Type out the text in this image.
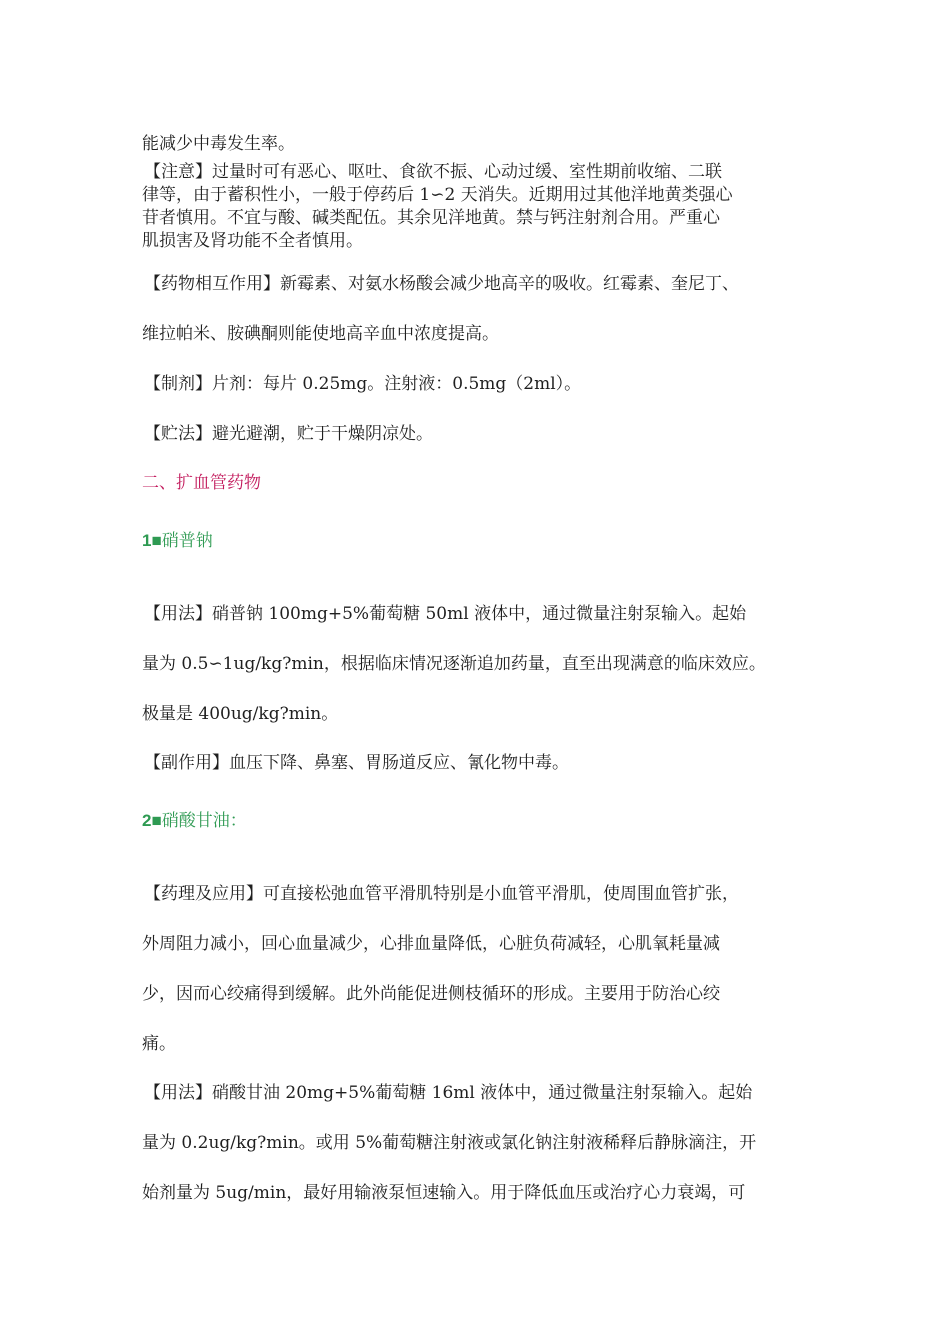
能减少中毒发生率。
【注意】过量时可有恶心、呕吐、食欲不振、心动过缓、室性期前收缩、二联
律等，由于蓄积性小，一般于停药后 1∽2 天消失。近期用过其他洋地黄类强心
苷者慎用。不宜与酸、碱类配伍。其余见洋地黄。禁与钙注射剂合用。严重心
肌损害及肾功能不全者慎用。
【药物相互作用】新霉素、对氨水杨酸会减少地高辛的吸收。红霉素、奎尼丁、
维拉帕米、胺碘酮则能使地高辛血中浓度提高。
【制剂】片剂：每片 0.25mg。注射液：0.5mg（2ml）。
【贮法】避光避潮，贮于干燥阴凉处。
二、扩血管药物
1■硝普钠
【用法】硝普钠 100mg+5%葡萄糖 50ml 液体中，通过微量注射泵输入。起始
量为 0.5∽1ug/kg?min，根据临床情况逐渐追加药量，直至出现满意的临床效应。
极量是 400ug/kg?min。
【副作用】血压下降、鼻塞、胃肠道反应、氰化物中毒。
2■硝酸甘油：
【药理及应用】可直接松弛血管平滑肌特别是小血管平滑肌，使周围血管扩张，
外周阻力减小，回心血量减少，心排血量降低，心脏负荷减轻，心肌氧耗量减
少，因而心绞痛得到缓解。此外尚能促进侧枝循环的形成。主要用于防治心绞
痛。
【用法】硝酸甘油 20mg+5%葡萄糖 16ml 液体中，通过微量注射泵输入。起始
量为 0.2ug/kg?min。或用 5%葡萄糖注射液或氯化钠注射液稀释后静脉滴注，开
始剂量为 5ug/min，最好用输液泵恒速输入。用于降低血压或治疗心力衰竭，可
